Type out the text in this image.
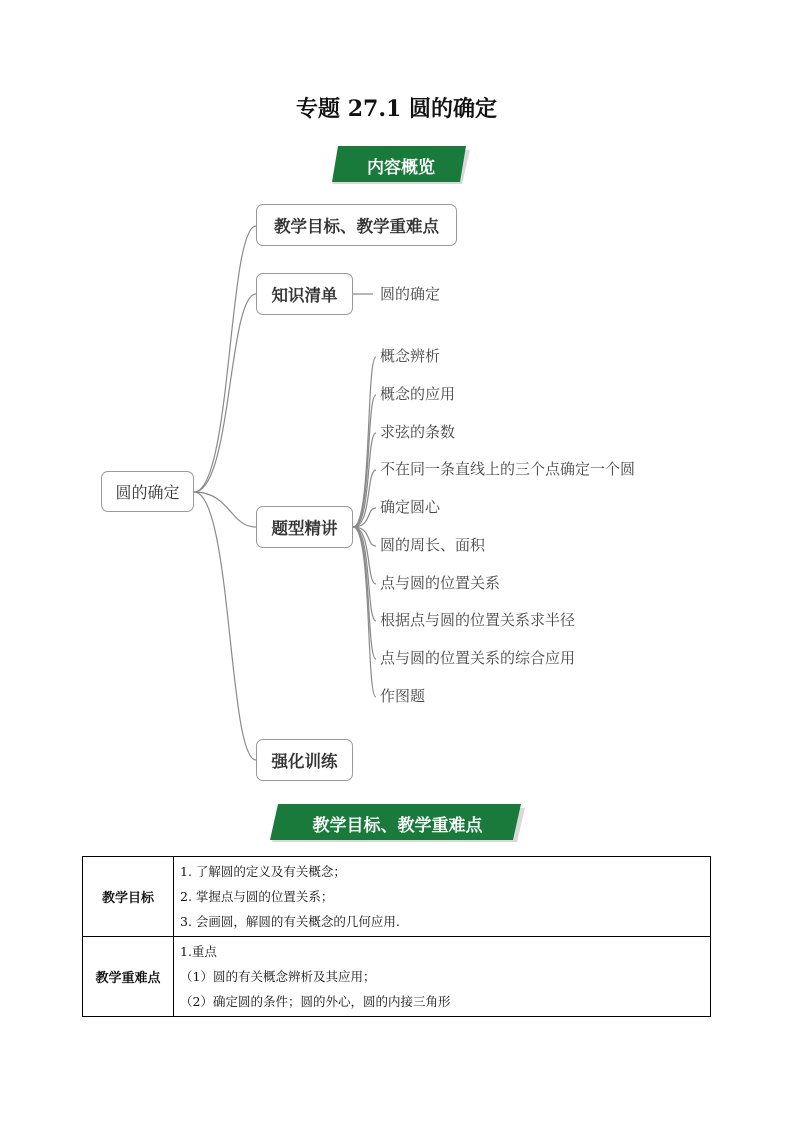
专题 27.1 圆的确定
内容概览
圆的确定
教学目标、教学重难点
知识清单
题型精讲
强化训练
圆的确定
概念辨析
概念的应用
求弦的条数
不在同一条直线上的三个点确定一个圆
确定圆心
圆的周长、面积
点与圆的位置关系
根据点与圆的位置关系求半径
点与圆的位置关系的综合应用
作图题
教学目标、教学重难点
教学目标	1. 了解圆的定义及有关概念；
2. 掌握点与圆的位置关系；
3. 会画圆，解圆的有关概念的几何应用.

教学重难点	1.重点
（1）圆的有关概念辨析及其应用；
（2）确定圆的条件；圆的外心，圆的内接三角形
